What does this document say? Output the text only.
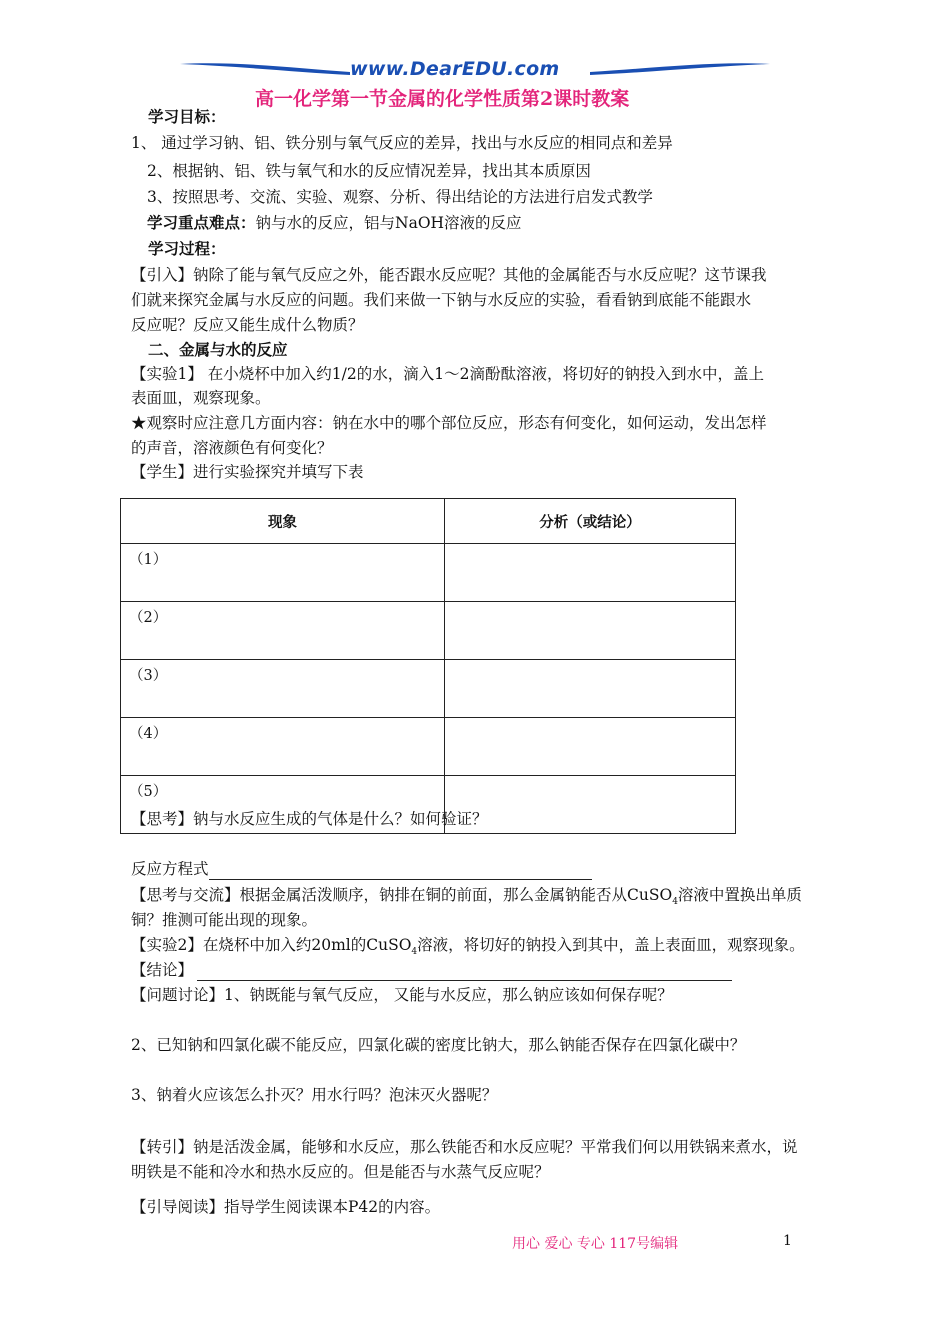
www.DearEDU.com
高一化学第一节金属的化学性质第2课时教案
学习目标：
1、 通过学习钠、铝、铁分别与氧气反应的差异，找出与水反应的相同点和差异
2、根据钠、铝、铁与氧气和水的反应情况差异，找出其本质原因
3、按照思考、交流、实验、观察、分析、得出结论的方法进行启发式教学
学习重点难点：钠与水的反应，铝与NaOH溶液的反应
学习过程：
【引入】钠除了能与氧气反应之外，能否跟水反应呢？其他的金属能否与水反应呢？这节课我
们就来探究金属与水反应的问题。我们来做一下钠与水反应的实验，看看钠到底能不能跟水
反应呢？反应又能生成什么物质？
二、金属与水的反应
【实验1】 在小烧杯中加入约1/2的水，滴入1～2滴酚酞溶液，将切好的钠投入到水中，盖上
表面皿，观察现象。
★观察时应注意几方面内容：钠在水中的哪个部位反应，形态有何变化，如何运动，发出怎样
的声音，溶液颜色有何变化？
【学生】进行实验探究并填写下表
现象	分析（或结论）
（1）	
（2）	
（3）	
（4）	
（5）	
【思考】钠与水反应生成的气体是什么？如何验证？
反应方程式
【思考与交流】根据金属活泼顺序，钠排在铜的前面，那么金属钠能否从CuSO$_4$溶液中置换出单质
铜？推测可能出现的现象。
【实验2】在烧杯中加入约20ml的CuSO$_4$溶液，将切好的钠投入到其中，盖上表面皿，观察现象。
【结论】
【问题讨论】1、钠既能与氧气反应， 又能与水反应，那么钠应该如何保存呢？
2、已知钠和四氯化碳不能反应，四氯化碳的密度比钠大，那么钠能否保存在四氯化碳中？
3、钠着火应该怎么扑灭？用水行吗？泡沫灭火器呢？
【转引】钠是活泼金属，能够和水反应，那么铁能否和水反应呢？平常我们何以用铁锅来煮水，说
明铁是不能和冷水和热水反应的。但是能否与水蒸气反应呢？
【引导阅读】指导学生阅读课本P42的内容。
用心 爱心 专心 117号编辑	1
